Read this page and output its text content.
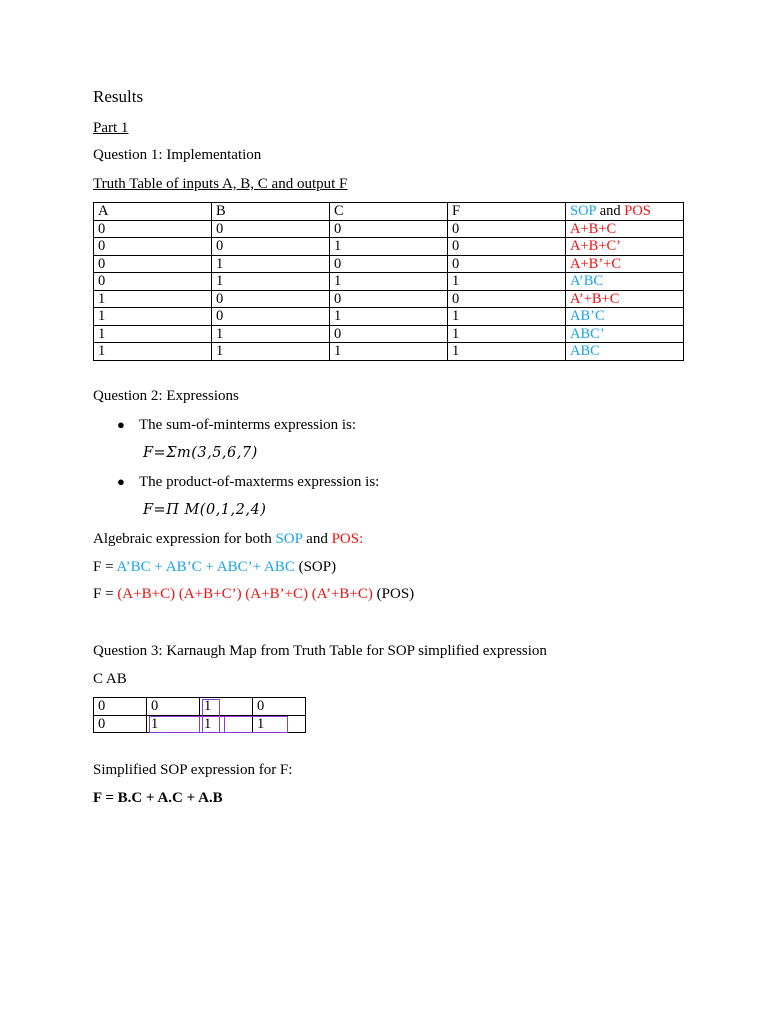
Results
Part 1
Question 1: Implementation
Truth Table of inputs A, B, C and output F
A	B	C	F	SOP and POS
0	0	0	0	A+B+C
0	0	1	0	A+B+C’
0	1	0	0	A+B’+C
0	1	1	1	A’BC
1	0	0	0	A’+B+C
1	0	1	1	AB’C
1	1	0	1	ABC’
1	1	1	1	ABC
Question 2: Expressions
● The sum-of-minterms expression is:
F=Σm(3,5,6,7)
● The product-of-maxterms expression is:
F=Π M(0,1,2,4)
Algebraic expression for both SOP and POS:
F = A’BC + AB’C + ABC’+ ABC (SOP)
F = (A+B+C) (A+B+C’) (A+B’+C) (A’+B+C) (POS)
Question 3: Karnaugh Map from Truth Table for SOP simplified expression
C AB
0	0	1	0
0	1	1	1
Simplified SOP expression for F:
F = B.C + A.C + A.B
